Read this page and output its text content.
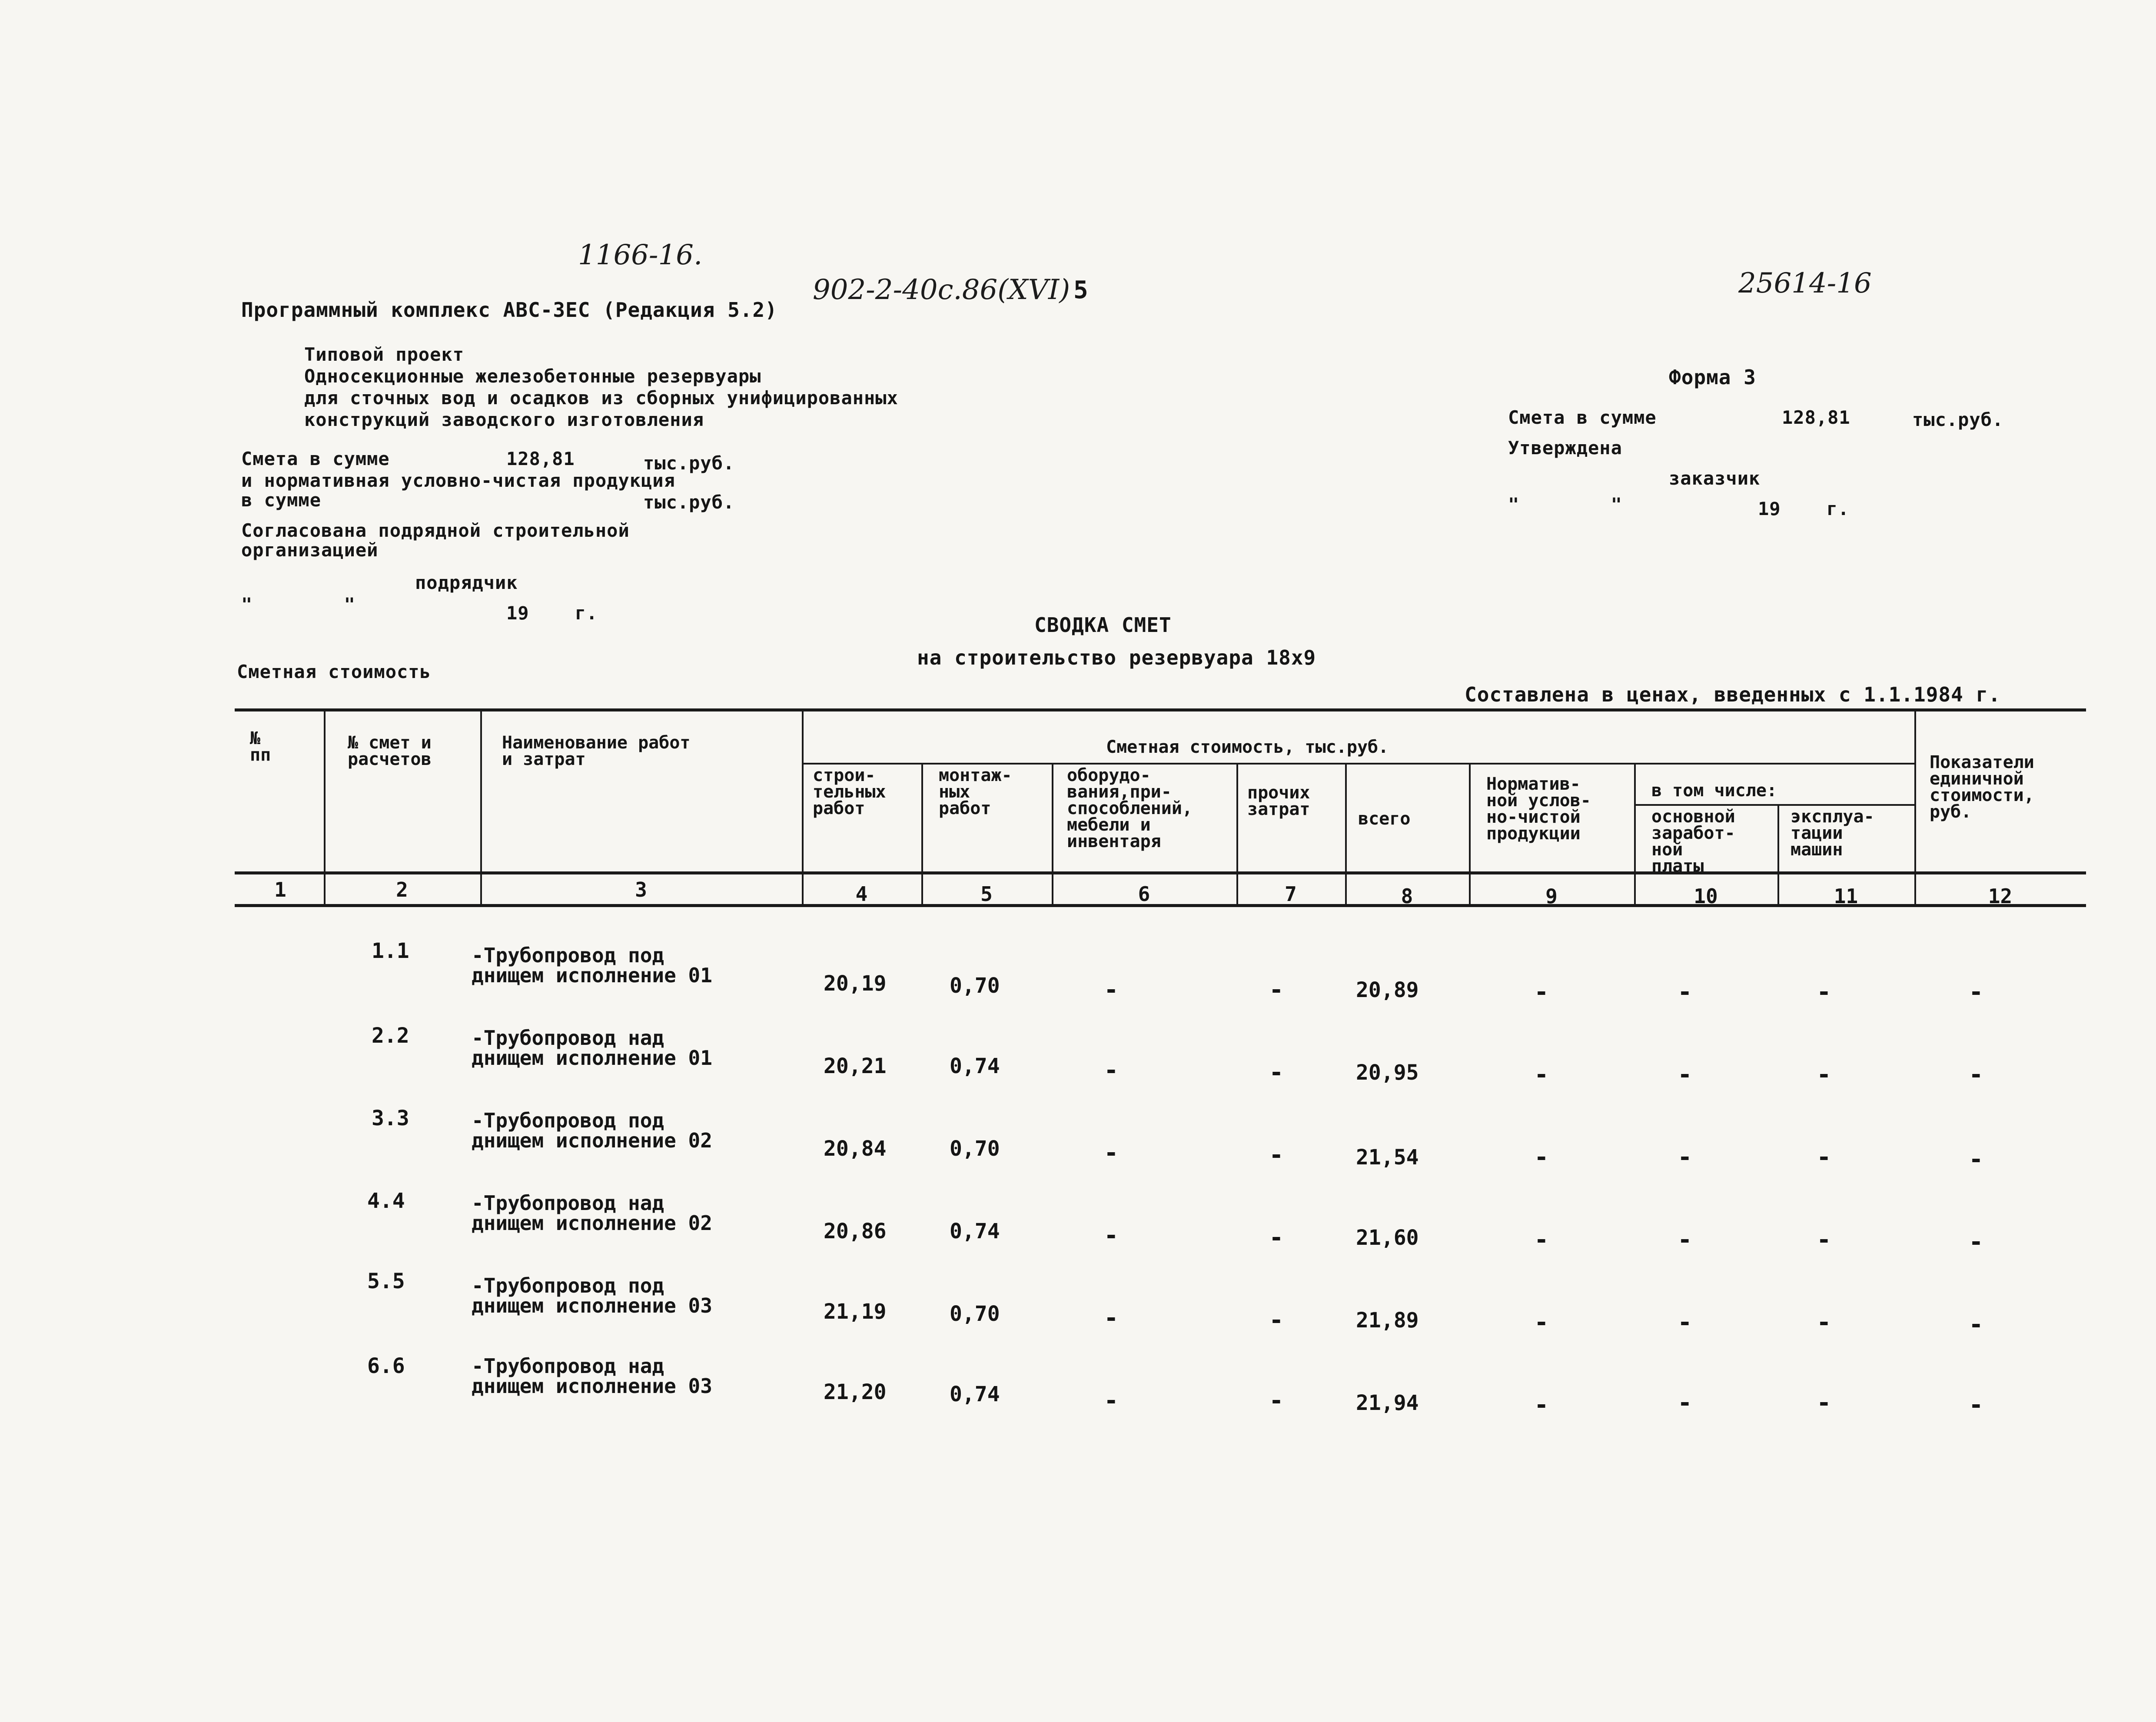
1166-16.
902-2-40с.86(XVI) 5	25614-16
Программный комплекс АВС-ЗЕС (Редакция 5.2)
Типовой проект
Односекционные железобетонные резервуары
для сточных вод и осадков из сборных унифицированных
конструкций заводского изготовления
Смета в сумме	128,81	тыс.руб.
и нормативная условно-чистая продукция
в сумме	тыс.руб.
Согласована подрядной строительной
организацией
подрядчик
"        "	19    г.
Форма 3
Смета в сумме	128,81	тыс.руб.
Утверждена
заказчик
"        "	19    г.
СВОДКА СМЕТ
на строительство резервуара 18х9
Сметная стоимость
Составлена в ценах, введенных с 1.1.1984 г.
№
пп
№ смет и
расчетов
Наименование работ
и затрат
Сметная стоимость, тыс.руб.
строи-
тельных
работ
монтаж-
ных
работ
оборудо-
вания,при-
способлений,
мебели и
инвентаря
прочих
затрат	всего
Норматив-
ной услов-
но-чистой
продукции
в том числе:
основной
заработ-
ной
платы
эксплуа-
тации
машин
Показатели
единичной
стоимости,
руб.
1	2	3	4	5	6	7	8	9	10	11	12
1.1	-Трубопровод под
днищем исполнение 01	20,19	0,70	-	-	20,89	-	-	-	-
2.2	-Трубопровод над
днищем исполнение 01	20,21	0,74	-	-	20,95	-	-	-	-
3.3	-Трубопровод под
днищем исполнение 02	20,84	0,70	-	-	21,54	-	-	-	-
4.4	-Трубопровод над
днищем исполнение 02	20,86	0,74	-	-	21,60	-	-	-	-
5.5	-Трубопровод под
днищем исполнение 03	21,19	0,70	-	-	21,89	-	-	-	-
6.6	-Трубопровод над
днищем исполнение 03	21,20	0,74	-	-	21,94	-	-	-	-
